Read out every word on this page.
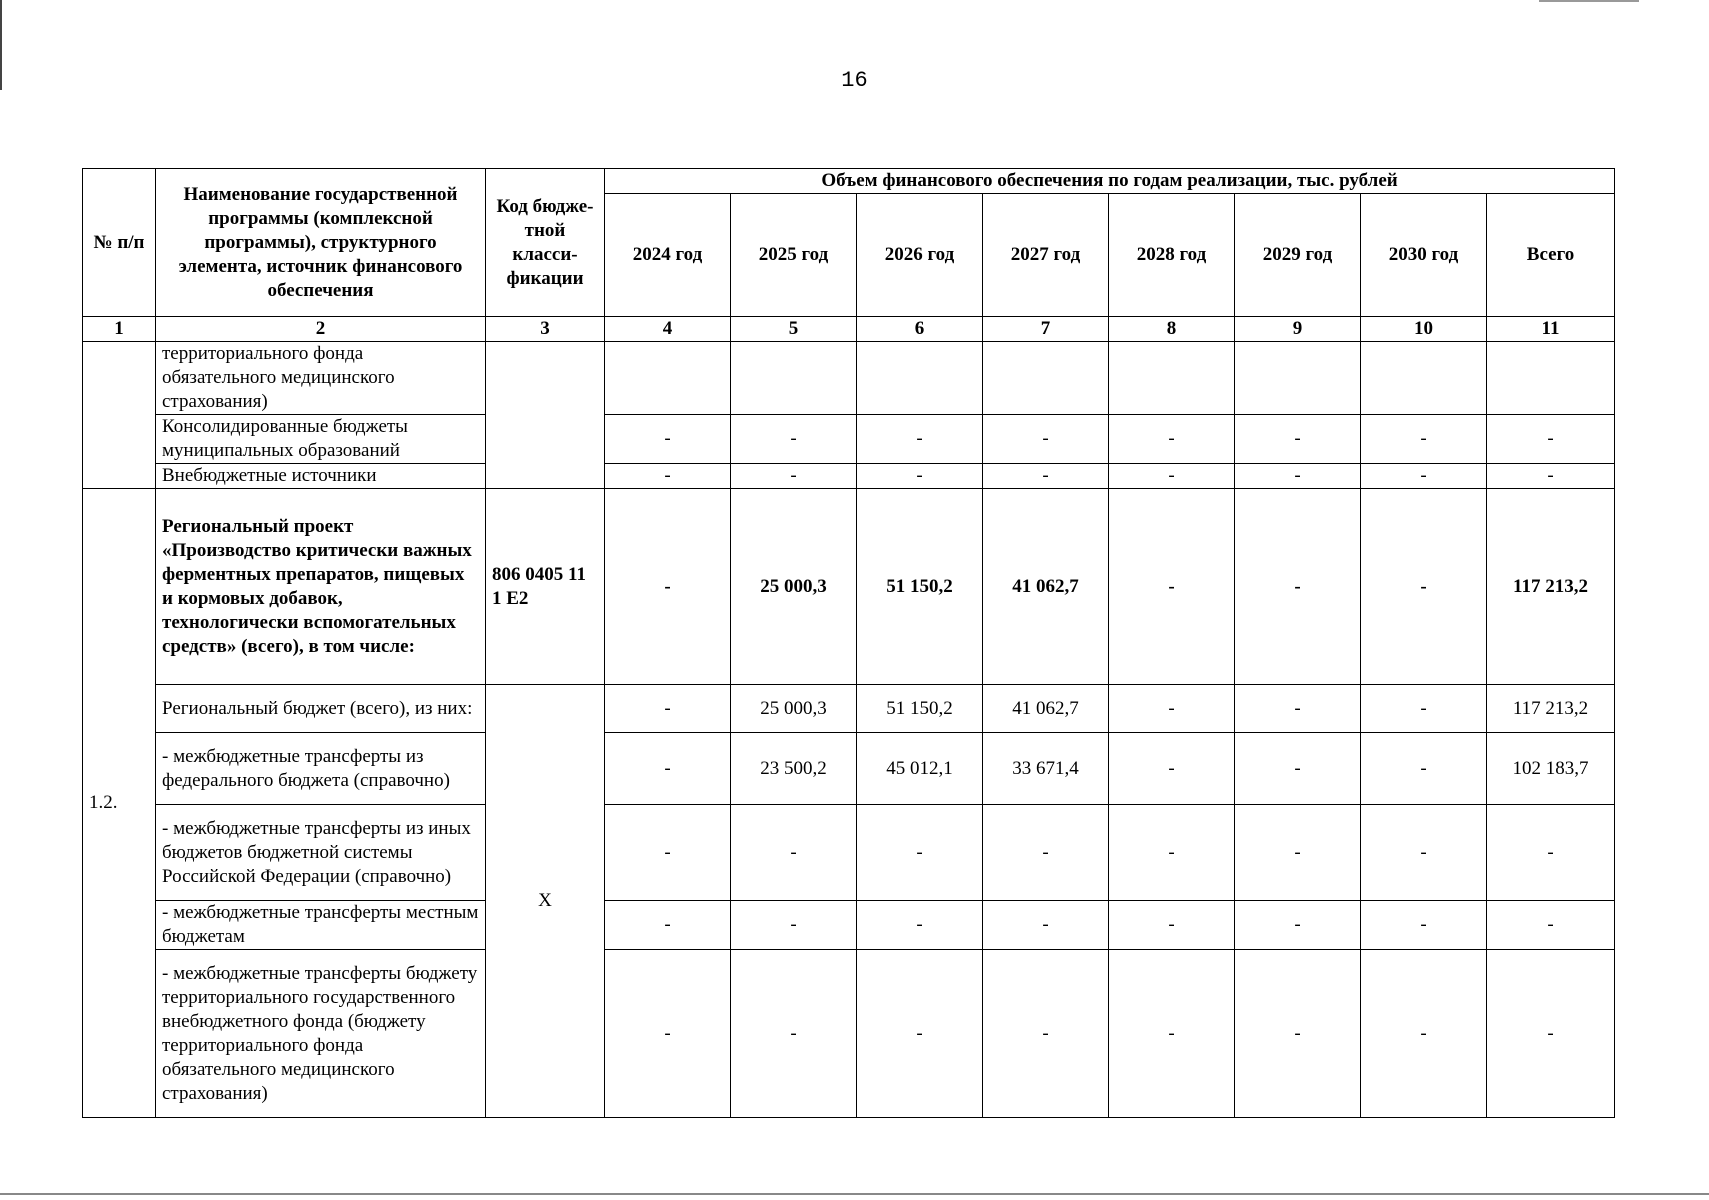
16
№ п/п	Наименование государственной программы (комплексной программы), структурного элемента, источник финансового обеспечения	Код бюдже-тной класси-фикации	Объем финансового обеспечения по годам реализации, тыс. рублей							
			2024 год	2025 год	2026 год	2027 год	2028 год	2029 год	2030 год	Всего
1	2	3	4	5	6	7	8	9	10	11
	территориального фонда обязательного медицинского страхования)									
	Консолидированные бюджеты муниципальных образований		-	-	-	-	-	-	-	-
	Внебюджетные источники		-	-	-	-	-	-	-	-
1.2.	Региональный проект «Производство критически важных ферментных препаратов, пищевых и кормовых добавок, технологически вспомогательных средств» (всего), в том числе:	806 0405 11 1 E2	-	25 000,3	51 150,2	41 062,7	-	-	-	117 213,2
	Региональный бюджет (всего), из них:	X	-	25 000,3	51 150,2	41 062,7	-	-	-	117 213,2
	- межбюджетные трансферты из федерального бюджета (справочно)		-	23 500,2	45 012,1	33 671,4	-	-	-	102 183,7
	- межбюджетные трансферты из иных бюджетов бюджетной системы Российской Федерации (справочно)		-	-	-	-	-	-	-	-
	- межбюджетные трансферты местным бюджетам		-	-	-	-	-	-	-	-
	- межбюджетные трансферты бюджету территориального государственного внебюджетного фонда (бюджету территориального фонда обязательного медицинского страхования)		-	-	-	-	-	-	-	-
